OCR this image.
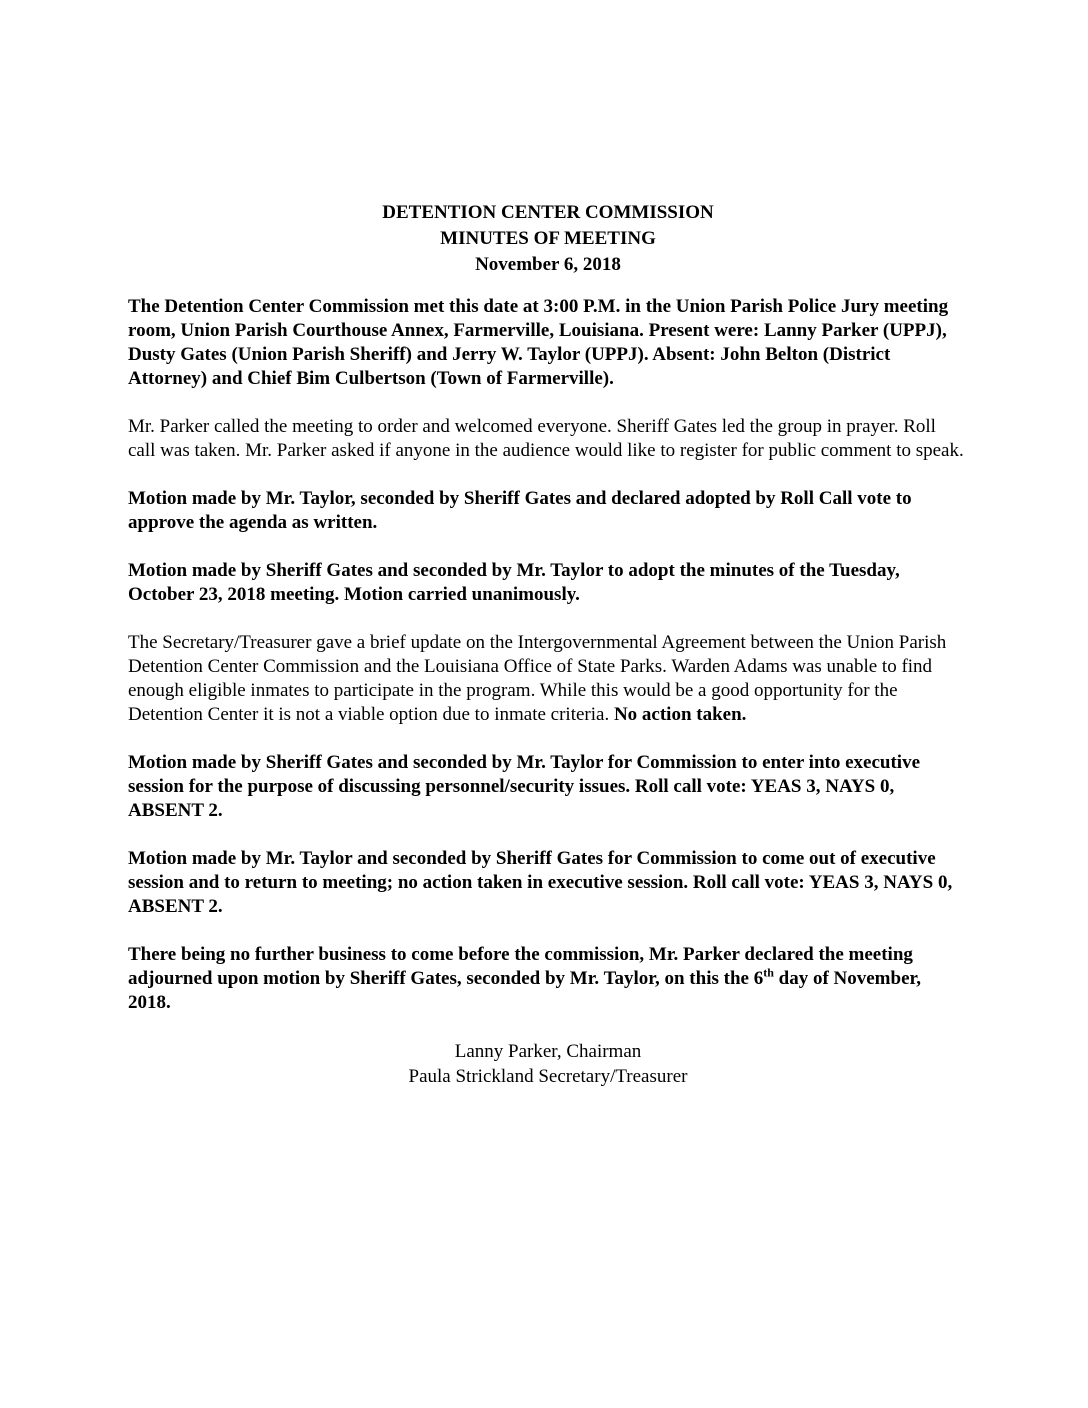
DETENTION CENTER COMMISSION
MINUTES OF MEETING
November 6, 2018

The Detention Center Commission met this date at 3:00 P.M. in the Union Parish Police Jury meeting room, Union Parish Courthouse Annex, Farmerville, Louisiana. Present were: Lanny Parker (UPPJ), Dusty Gates (Union Parish Sheriff) and Jerry W. Taylor (UPPJ). Absent: John Belton (District Attorney) and Chief Bim Culbertson (Town of Farmerville).

Mr. Parker called the meeting to order and welcomed everyone. Sheriff Gates led the group in prayer. Roll call was taken. Mr. Parker asked if anyone in the audience would like to register for public comment to speak.

Motion made by Mr. Taylor, seconded by Sheriff Gates and declared adopted by Roll Call vote to approve the agenda as written.

Motion made by Sheriff Gates and seconded by Mr. Taylor to adopt the minutes of the Tuesday, October 23, 2018 meeting. Motion carried unanimously.

The Secretary/Treasurer gave a brief update on the Intergovernmental Agreement between the Union Parish Detention Center Commission and the Louisiana Office of State Parks. Warden Adams was unable to find enough eligible inmates to participate in the program. While this would be a good opportunity for the Detention Center it is not a viable option due to inmate criteria. No action taken.

Motion made by Sheriff Gates and seconded by Mr. Taylor for Commission to enter into executive session for the purpose of discussing personnel/security issues. Roll call vote: YEAS 3, NAYS 0, ABSENT 2.

Motion made by Mr. Taylor and seconded by Sheriff Gates for Commission to come out of executive session and to return to meeting; no action taken in executive session. Roll call vote: YEAS 3, NAYS 0, ABSENT 2.

There being no further business to come before the commission, Mr. Parker declared the meeting adjourned upon motion by Sheriff Gates, seconded by Mr. Taylor, on this the 6th day of November, 2018.

Lanny Parker, Chairman
Paula Strickland Secretary/Treasurer
